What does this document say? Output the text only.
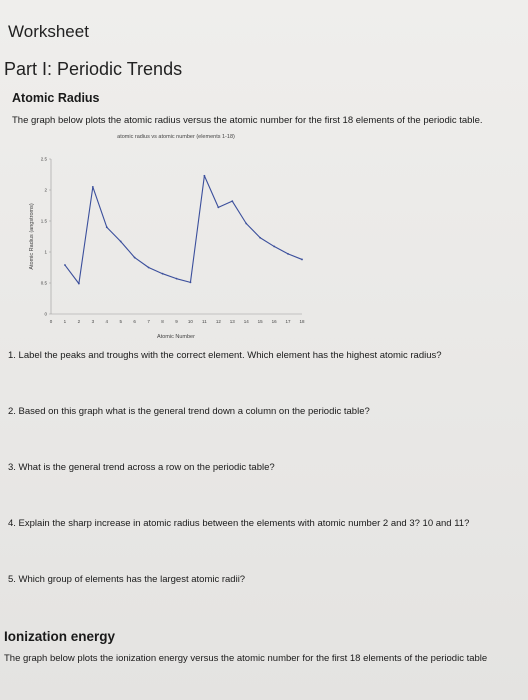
Worksheet
Part I: Periodic Trends
Atomic Radius
The graph below plots the atomic radius versus the atomic number for the first 18 elements of the periodic table.
atomic radius vs atomic number (elements 1-18)
Atomic Radius (angstroms)
Atomic Number
0	1	2	3	4	5	6	7	8	9 10 11 12 13 14 15 16 17 18
0
0.5
1
1.5
2
2.5
1. Label the peaks and troughs with the correct element. Which element has the highest atomic radius?
2. Based on this graph what is the general trend down a column on the periodic table?
3. What is the general trend across a row on the periodic table?
4. Explain the sharp increase in atomic radius between the elements with atomic number 2 and 3? 10 and 11?
5. Which group of elements has the largest atomic radii?
Ionization energy
The graph below plots the ionization energy versus the atomic number for the first 18 elements of the periodic table
